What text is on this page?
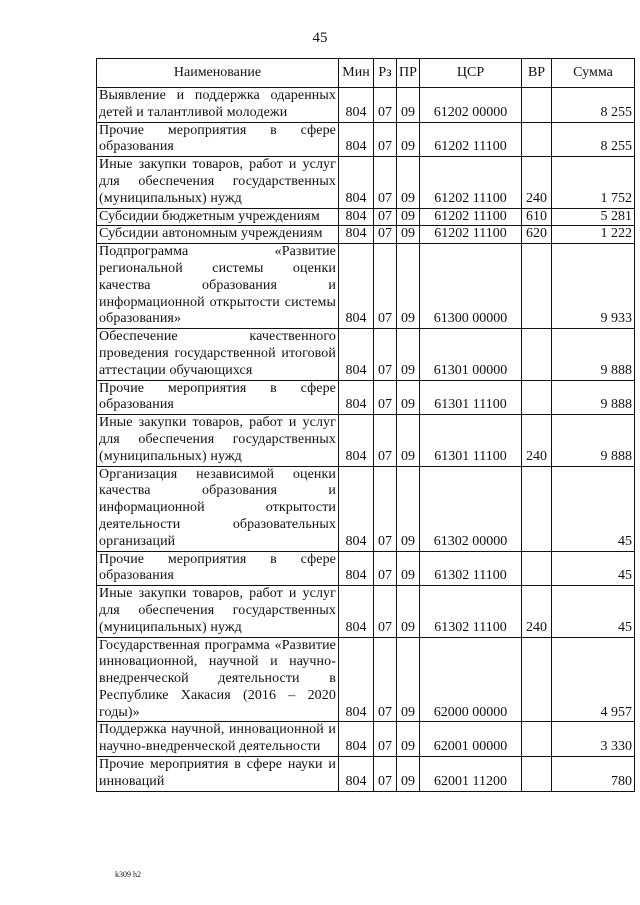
45
Наименование	Мин	Рз	ПР	ЦСР	ВР	Сумма
Выявление и поддержка одаренных детей и талантливой молодежи	804	07	09	61202 00000		8 255
Прочие мероприятия в сфере образования	804	07	09	61202 11100		8 255
Иные закупки товаров, работ и услуг для обеспечения государственных (муниципальных) нужд	804	07	09	61202 11100	240	1 752
Субсидии бюджетным учреждениям	804	07	09	61202 11100	610	5 281
Субсидии автономным учреждениям	804	07	09	61202 11100	620	1 222
Подпрограмма «Развитие региональной системы оценки качества образования и информационной открытости системы образования»	804	07	09	61300 00000		9 933
Обеспечение качественного проведения государственной итоговой аттестации обучающихся	804	07	09	61301 00000		9 888
Прочие мероприятия в сфере образования	804	07	09	61301 11100		9 888
Иные закупки товаров, работ и услуг для обеспечения государственных (муниципальных) нужд	804	07	09	61301 11100	240	9 888
Организация независимой оценки качества образования и информационной открытости деятельности образовательных организаций	804	07	09	61302 00000		45
Прочие мероприятия в сфере образования	804	07	09	61302 11100		45
Иные закупки товаров, работ и услуг для обеспечения государственных (муниципальных) нужд	804	07	09	61302 11100	240	45
Государственная программа «Развитие инновационной, научной и научно-внедренческой деятельности в Республике Хакасия (2016 – 2020 годы)»	804	07	09	62000 00000		4 957
Поддержка научной, инновационной и научно-внедренческой деятельности	804	07	09	62001 00000		3 330
Прочие мероприятия в сфере науки и инноваций	804	07	09	62001 11200		780
k309 h2
